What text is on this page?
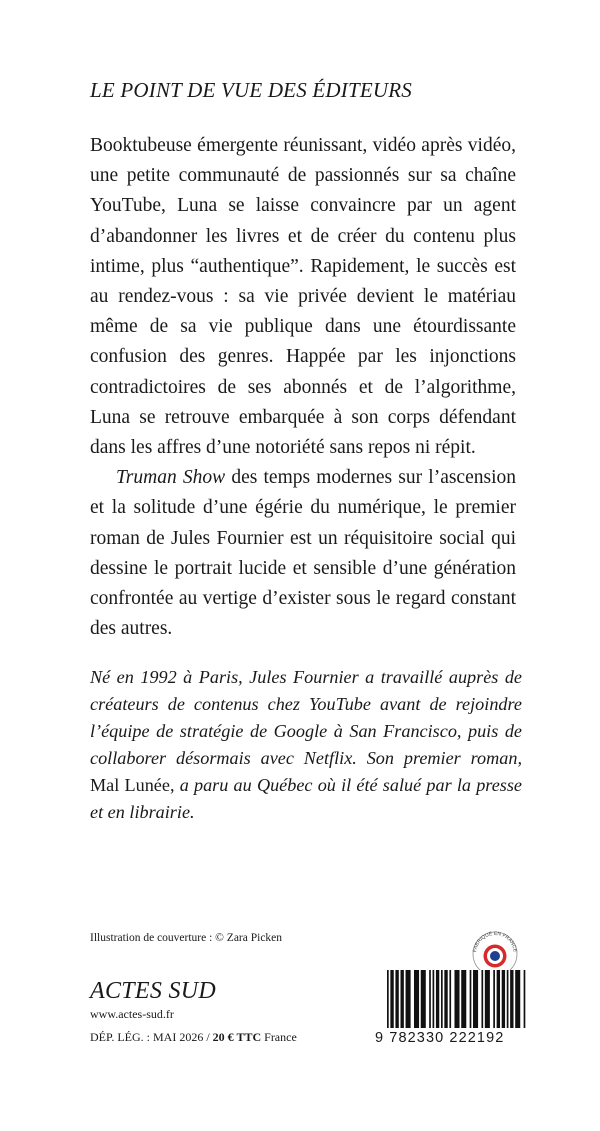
LE POINT DE VUE DES ÉDITEURS

Booktubeuse émergente réunissant, vidéo après vidéo, une petite communauté de passionnés sur sa chaîne YouTube, Luna se laisse convaincre par un agent d’abandonner les livres et de créer du contenu plus intime, plus “authentique”. Rapidement, le succès est au rendez-vous : sa vie privée devient le matériau même de sa vie publique dans une étourdissante confusion des genres. Happée par les injonctions contradictoires de ses abonnés et de l’algorithme, Luna se retrouve embarquée à son corps défendant dans les affres d’une notoriété sans repos ni répit.

Truman Show des temps modernes sur l’ascension et la solitude d’une égérie du numérique, le premier roman de Jules Fournier est un réquisitoire social qui dessine le portrait lucide et sensible d’une génération confrontée au vertige d’exister sous le regard constant des autres.

Né en 1992 à Paris, Jules Fournier a travaillé auprès de créateurs de contenus chez YouTube avant de rejoindre l’équipe de stratégie de Google à San Francisco, puis de collaborer désormais avec Netflix. Son premier roman, Mal Lunée, a paru au Québec où il été salué par la presse et en librairie.
Illustration de couverture : © Zara Picken
FABRIQUÉ EN FRANCE
ACTES SUD
www.actes-sud.fr
DÉP. LÉG. : MAI 2026 / 20 € TTC France	9 782330 222192
